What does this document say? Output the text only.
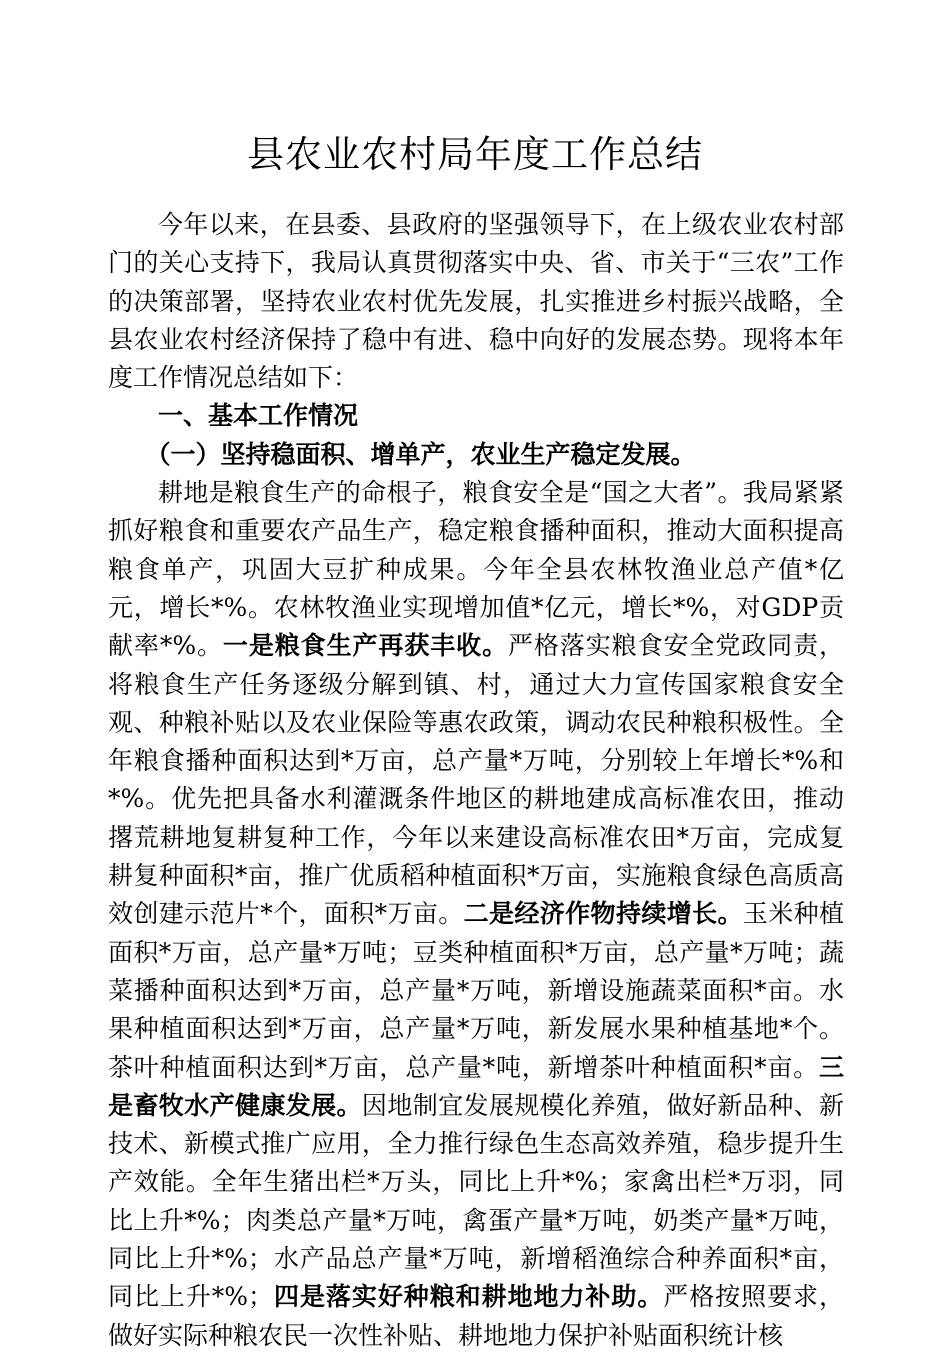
县农业农村局年度工作总结

今年以来，在县委、县政府的坚强领导下，在上级农业农村部门的关心支持下，我局认真贯彻落实中央、省、市关于“三农”工作的决策部署，坚持农业农村优先发展，扎实推进乡村振兴战略，全县农业农村经济保持了稳中有进、稳中向好的发展态势。现将本年度工作情况总结如下：

一、基本工作情况

（一）坚持稳面积、增单产，农业生产稳定发展。

耕地是粮食生产的命根子，粮食安全是“国之大者”。我局紧紧抓好粮食和重要农产品生产，稳定粮食播种面积，推动大面积提高粮食单产，巩固大豆扩种成果。今年全县农林牧渔业总产值*亿元，增长*%。农林牧渔业实现增加值*亿元，增长*%，对GDP贡献率*%。一是粮食生产再获丰收。严格落实粮食安全党政同责，将粮食生产任务逐级分解到镇、村，通过大力宣传国家粮食安全观、种粮补贴以及农业保险等惠农政策，调动农民种粮积极性。全年粮食播种面积达到*万亩，总产量*万吨，分别较上年增长*%和*%。优先把具备水利灌溉条件地区的耕地建成高标准农田，推动撂荒耕地复耕复种工作，今年以来建设高标准农田*万亩，完成复耕复种面积*亩，推广优质稻种植面积*万亩，实施粮食绿色高质高效创建示范片*个，面积*万亩。二是经济作物持续增长。玉米种植面积*万亩，总产量*万吨；豆类种植面积*万亩，总产量*万吨；蔬菜播种面积达到*万亩，总产量*万吨，新增设施蔬菜面积*亩。水果种植面积达到*万亩，总产量*万吨，新发展水果种植基地*个。茶叶种植面积达到*万亩，总产量*吨，新增茶叶种植面积*亩。三是畜牧水产健康发展。因地制宜发展规模化养殖，做好新品种、新技术、新模式推广应用，全力推行绿色生态高效养殖，稳步提升生产效能。全年生猪出栏*万头，同比上升*%；家禽出栏*万羽，同比上升*%；肉类总产量*万吨，禽蛋产量*万吨，奶类产量*万吨，同比上升*%；水产品总产量*万吨，新增稻渔综合种养面积*亩，同比上升*%；四是落实好种粮和耕地地力补助。严格按照要求，做好实际种粮农民一次性补贴、耕地地力保护补贴面积统计核
